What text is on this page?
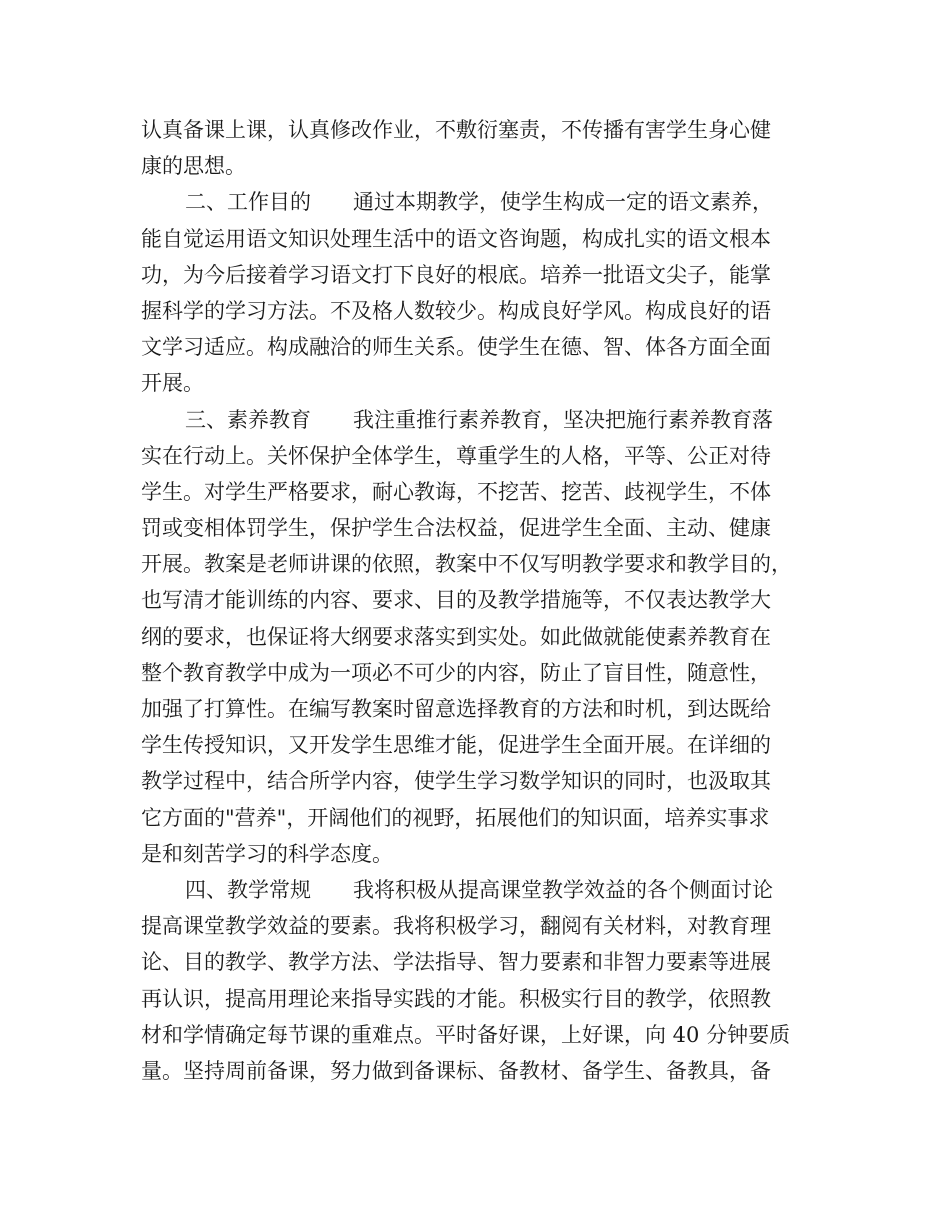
认真备课上课，认真修改作业，不敷衍塞责，不传播有害学生身心健
康的思想。
二、工作目的　　通过本期教学，使学生构成一定的语文素养，
能自觉运用语文知识处理生活中的语文咨询题，构成扎实的语文根本
功，为今后接着学习语文打下良好的根底。培养一批语文尖子，能掌
握科学的学习方法。不及格人数较少。构成良好学风。构成良好的语
文学习适应。构成融洽的师生关系。使学生在德、智、体各方面全面
开展。
三、素养教育　　我注重推行素养教育，坚决把施行素养教育落
实在行动上。关怀保护全体学生，尊重学生的人格，平等、公正对待
学生。对学生严格要求，耐心教诲，不挖苦、挖苦、歧视学生，不体
罚或变相体罚学生，保护学生合法权益，促进学生全面、主动、健康
开展。教案是老师讲课的依照，教案中不仅写明教学要求和教学目的，
也写清才能训练的内容、要求、目的及教学措施等，不仅表达教学大
纲的要求，也保证将大纲要求落实到实处。如此做就能使素养教育在
整个教育教学中成为一项必不可少的内容，防止了盲目性，随意性，
加强了打算性。在编写教案时留意选择教育的方法和时机，到达既给
学生传授知识，又开发学生思维才能，促进学生全面开展。在详细的
教学过程中，结合所学内容，使学生学习数学知识的同时，也汲取其
它方面的"营养"，开阔他们的视野，拓展他们的知识面，培养实事求
是和刻苦学习的科学态度。
四、教学常规　　我将积极从提高课堂教学效益的各个侧面讨论
提高课堂教学效益的要素。我将积极学习，翻阅有关材料，对教育理
论、目的教学、教学方法、学法指导、智力要素和非智力要素等进展
再认识，提高用理论来指导实践的才能。积极实行目的教学，依照教
材和学情确定每节课的重难点。平时备好课，上好课，向 40 分钟要质
量。坚持周前备课，努力做到备课标、备教材、备学生、备教具，备
